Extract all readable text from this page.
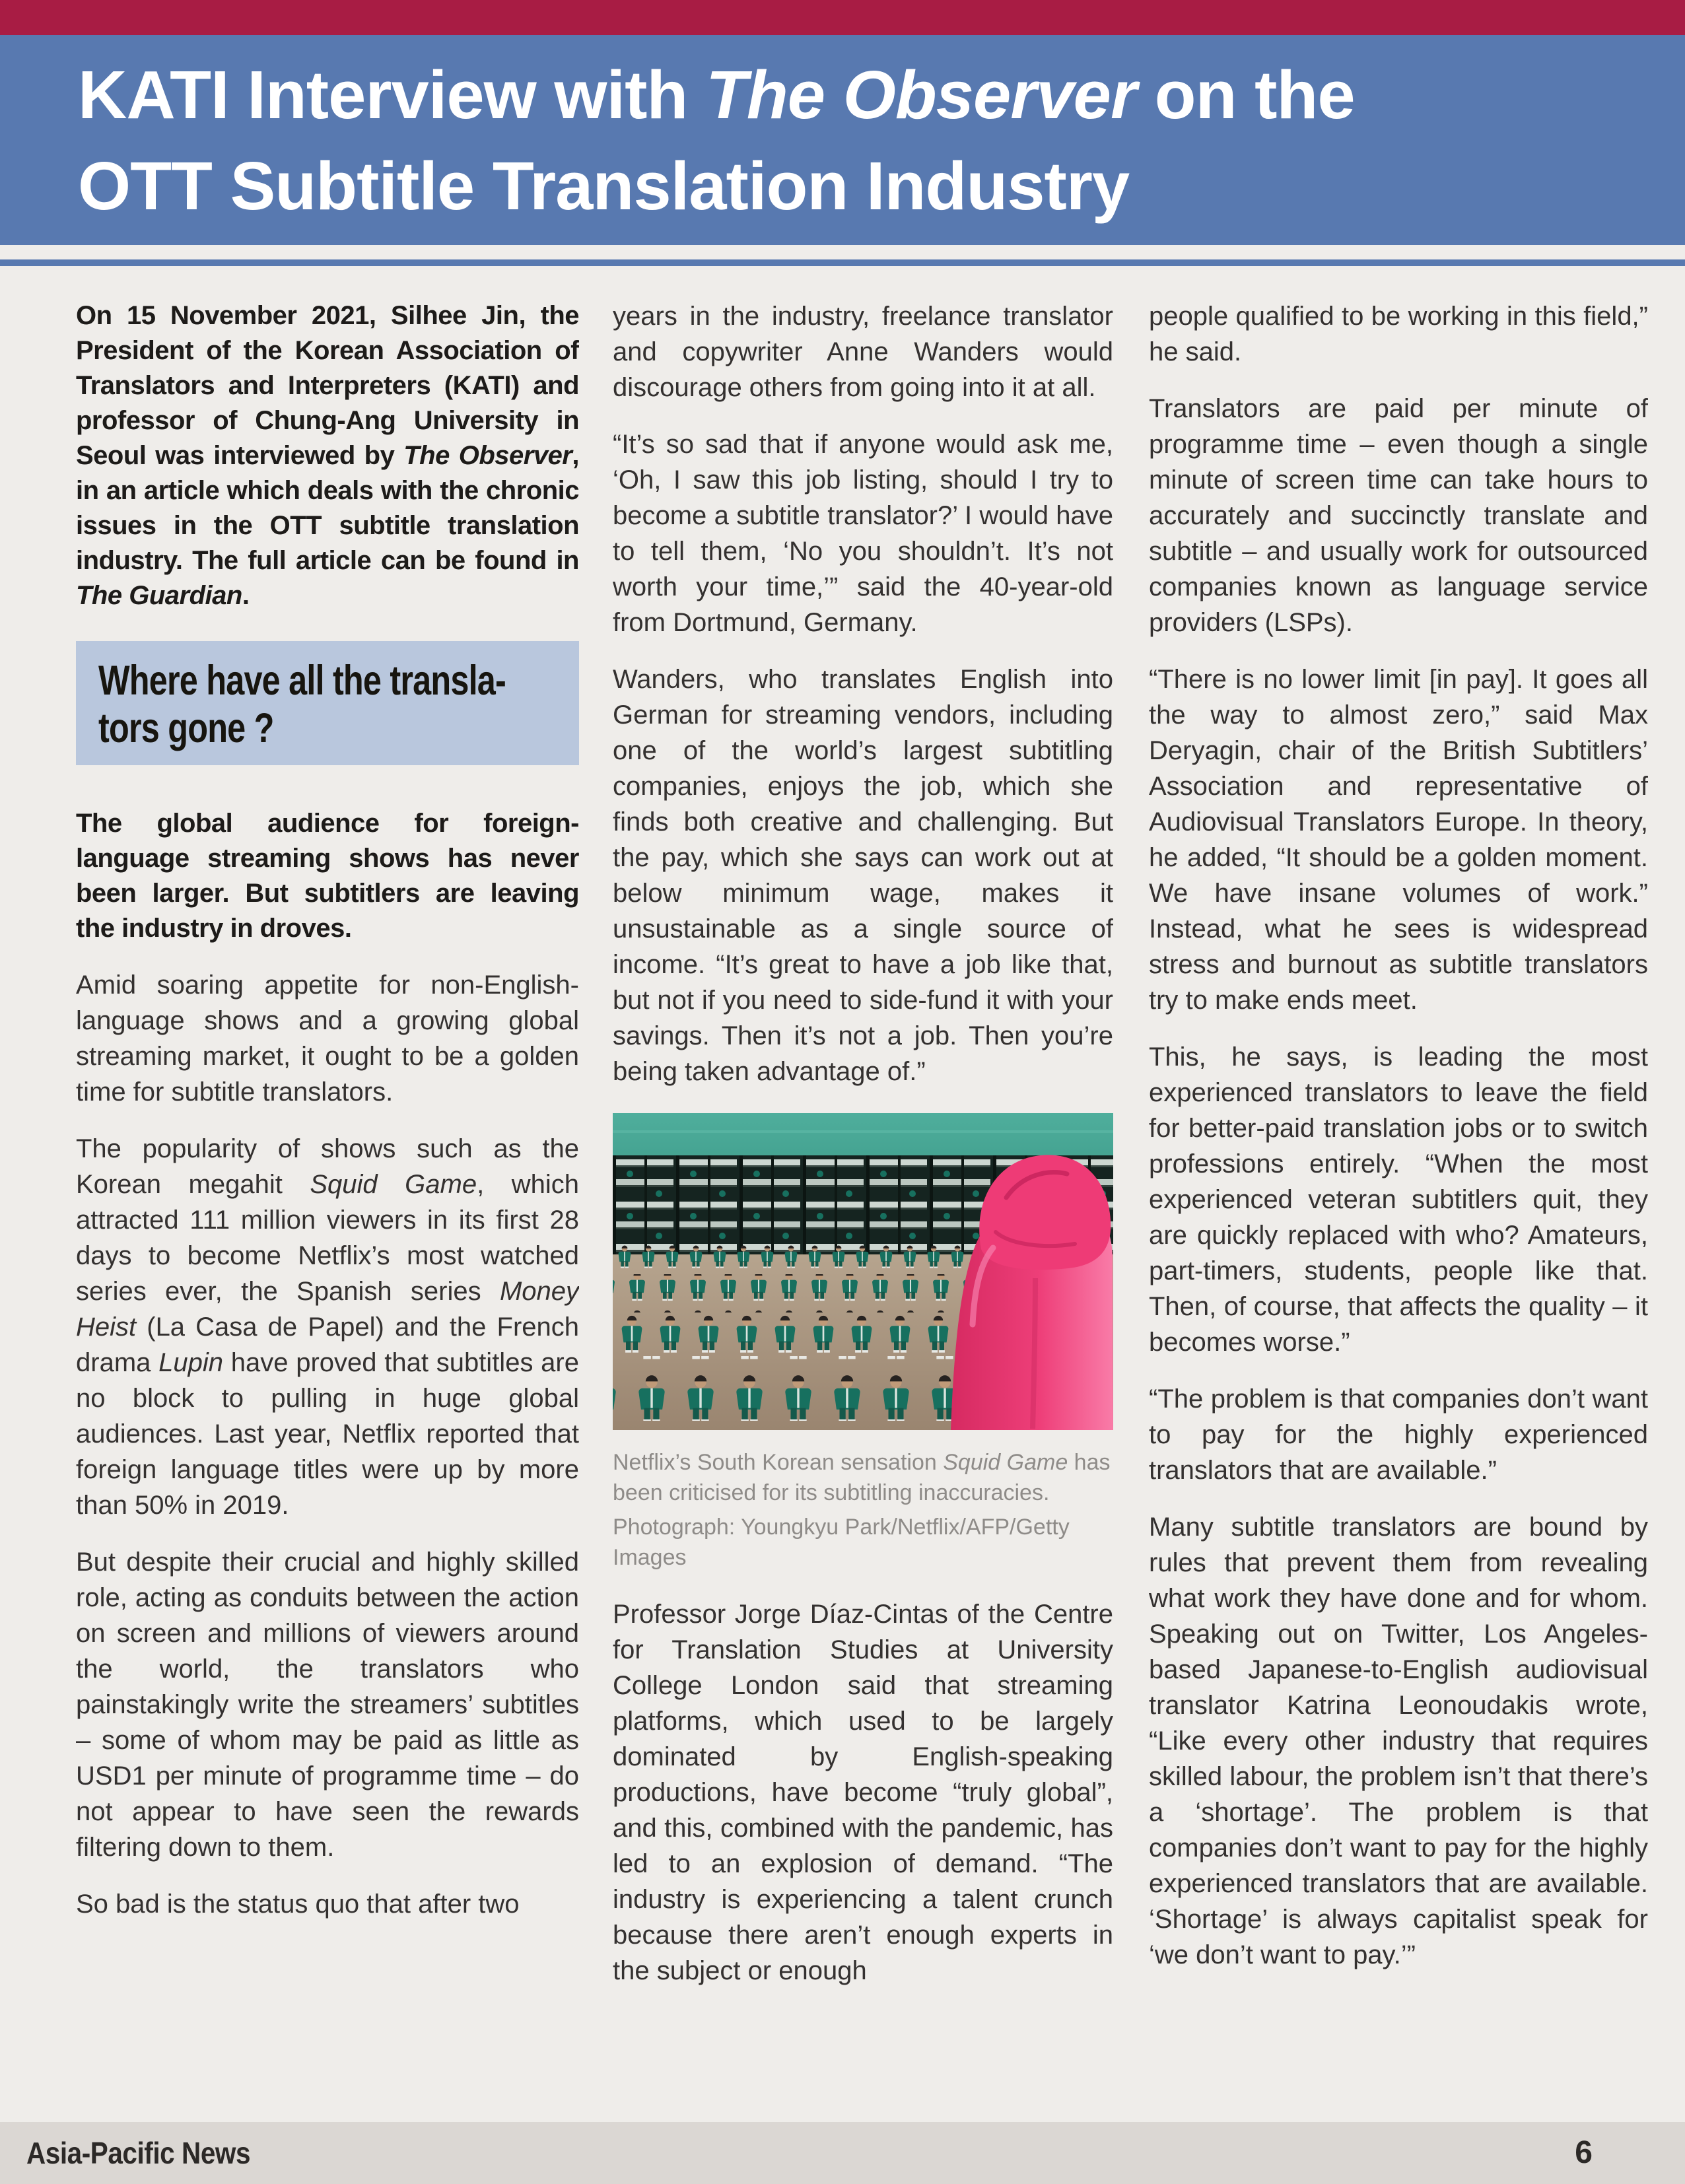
KATI Interview with The Observer on the
OTT Subtitle Translation Industry

On 15 November 2021, Silhee Jin, the President of the Korean Association of Translators and Interpreters (KATI) and professor of Chung-Ang University in Seoul was interviewed by The Observer, in an article which deals with the chronic issues in the OTT subtitle translation industry. The full article can be found in The Guardian.

Where have all the transla-
tors gone ?

The global audience for foreign-language streaming shows has never been larger. But subtitlers are leaving the industry in droves.

Amid soaring appetite for non-English-language shows and a growing global streaming market, it ought to be a golden time for subtitle translators.

The popularity of shows such as the Korean megahit Squid Game, which attracted 111 million viewers in its first 28 days to become Netflix’s most watched series ever, the Spanish series Money Heist (La Casa de Papel) and the French drama Lupin have proved that subtitles are no block to pulling in huge global audiences. Last year, Netflix reported that foreign language titles were up by more than 50% in 2019.

But despite their crucial and highly skilled role, acting as conduits between the action on screen and millions of viewers around the world, the translators who painstakingly write the streamers’ subtitles – some of whom may be paid as little as USD1 per minute of programme time – do not appear to have seen the rewards filtering down to them.

So bad is the status quo that after two

years in the industry, freelance translator and copywriter Anne Wanders would discourage others from going into it at all.

“It’s so sad that if anyone would ask me, ‘Oh, I saw this job listing, should I try to become a subtitle translator?’ I would have to tell them, ‘No you shouldn’t. It’s not worth your time,’” said the 40-year-old from Dortmund, Germany.

Wanders, who translates English into German for streaming vendors, including one of the world’s largest subtitling companies, enjoys the job, which she finds both creative and challenging. But the pay, which she says can work out at below minimum wage, makes it unsustainable as a single source of income. “It’s great to have a job like that, but not if you need to side-fund it with your savings. Then it’s not a job. Then you’re being taken advantage of.”

Netflix’s South Korean sensation Squid Game has been criticised for its subtitling inaccuracies.
Photograph: Youngkyu Park/Netflix/AFP/Getty Images

Professor Jorge Díaz-Cintas of the Centre for Translation Studies at University College London said that streaming platforms, which used to be largely dominated by English-speaking productions, have become “truly global”, and this, combined with the pandemic, has led to an explosion of demand. “The industry is experiencing a talent crunch because there aren’t enough experts in the subject or enough

people qualified to be working in this field,” he said.

Translators are paid per minute of programme time – even though a single minute of screen time can take hours to accurately and succinctly translate and subtitle – and usually work for outsourced companies known as language service providers (LSPs).

“There is no lower limit [in pay]. It goes all the way to almost zero,” said Max Deryagin, chair of the British Subtitlers’ Association and representative of Audiovisual Translators Europe. In theory, he added, “It should be a golden moment. We have insane volumes of work.” Instead, what he sees is widespread stress and burnout as subtitle translators try to make ends meet.

This, he says, is leading the most experienced translators to leave the field for better-paid translation jobs or to switch professions entirely. “When the most experienced veteran subtitlers quit, they are quickly replaced with who? Amateurs, part-timers, students, people like that. Then, of course, that affects the quality – it becomes worse.”

“The problem is that companies don’t want to pay for the highly experienced translators that are available.”

Many subtitle translators are bound by rules that prevent them from revealing what work they have done and for whom. Speaking out on Twitter, Los Angeles-based Japanese-to-English audiovisual translator Katrina Leonoudakis wrote, “Like every other industry that requires skilled labour, the problem isn’t that there’s a ‘shortage’. The problem is that companies don’t want to pay for the highly experienced translators that are available. ‘Shortage’ is always capitalist speak for ‘we don’t want to pay.’”

Asia-Pacific News	6
